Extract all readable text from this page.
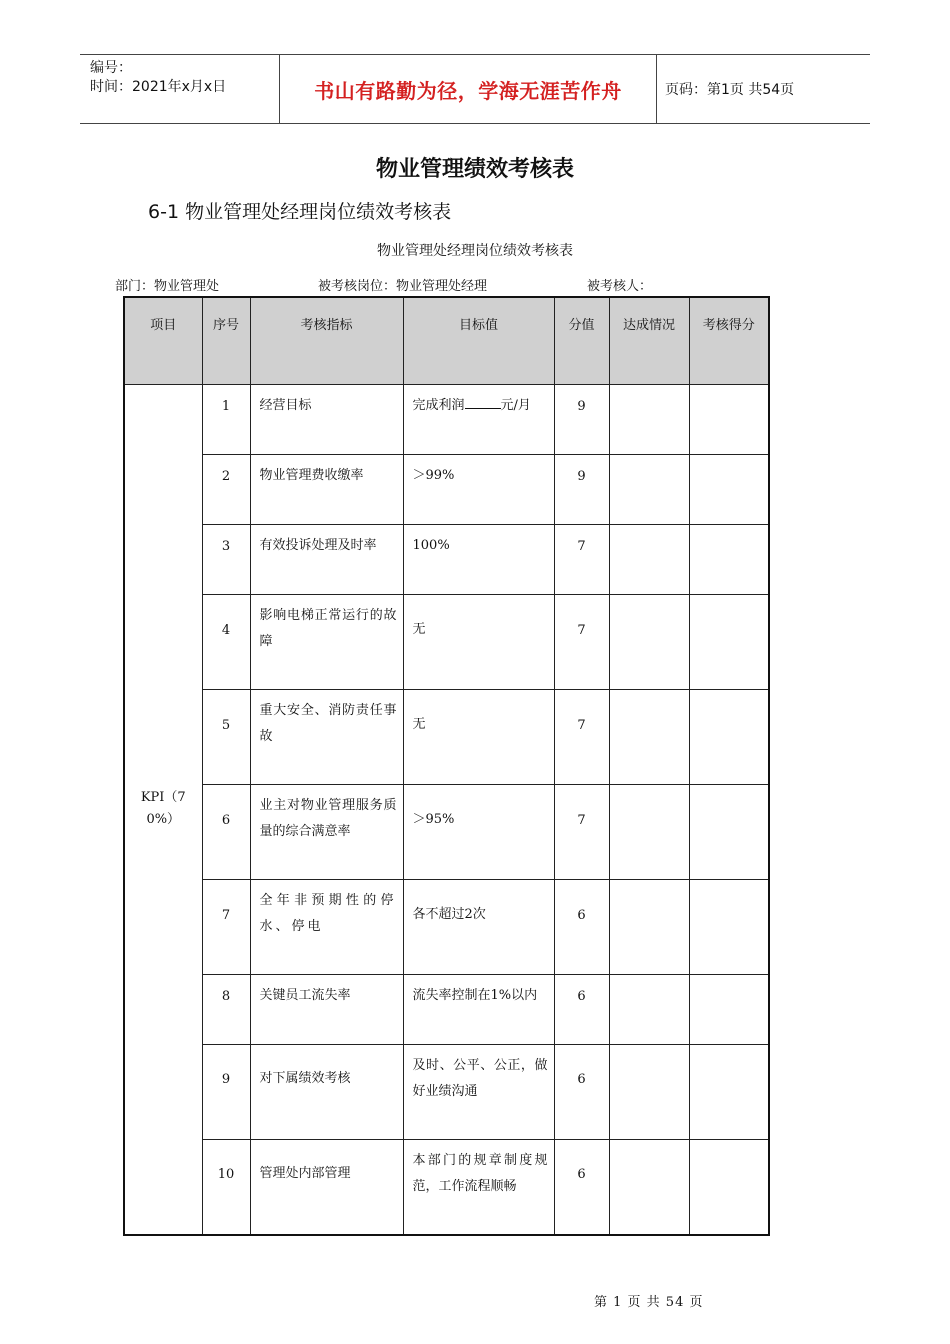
编号：
时间：2021年x月x日	书山有路勤为径，学海无涯苦作舟	页码：第1页 共54页
物业管理绩效考核表
6-1 物业管理处经理岗位绩效考核表
物业管理处经理岗位绩效考核表
部门：物业管理处	被考核岗位：物业管理处经理	被考核人：
项目	序号	考核指标	目标值	分值	达成情况	考核得分

KPI（70%）	1	经营目标	完成利润 元/月	9		
	2	物业管理费收缴率	＞99%	9		
	3	有效投诉处理及时率	100%	7		
	4	影响电梯正常运行的故障	无	7		
	5	重大安全、消防责任事故	无	7		
	6	业主对物业管理服务质量的综合满意率	＞95%	7		
	7	全年非预期性的停水、停电	各不超过2次	6		
	8	关键员工流失率	流失率控制在1%以内	6		
	9	对下属绩效考核	及时、公平、公正，做好业绩沟通	6		
	10	管理处内部管理	本部门的规章制度规范，工作流程顺畅	6		
第 1 页 共 54 页
